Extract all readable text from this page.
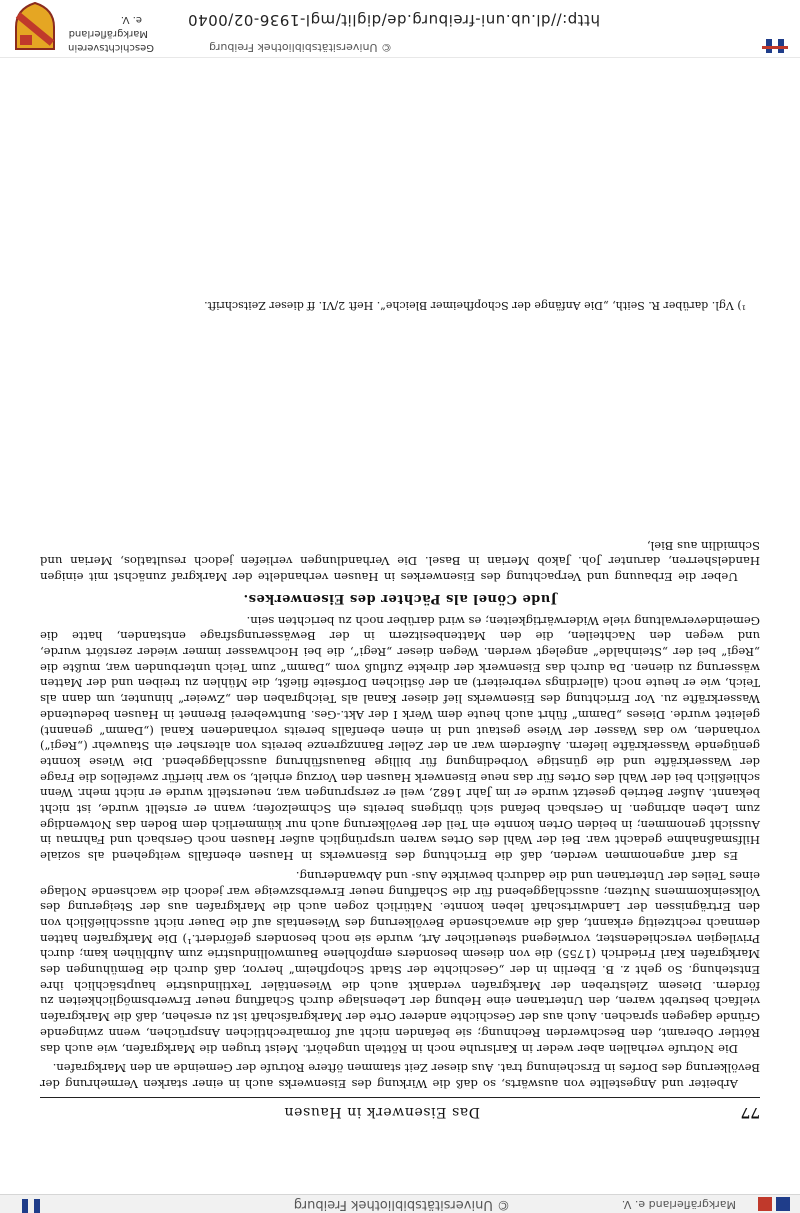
Markgräflerland e. V.
© Universitätsbibliothek Freiburg
77
Das Eisenwerk in Hausen

Arbeiter und Angestellte von auswärts, so daß die Wirkung des Eisenwerks auch in einer starken Vermehrung der Bevölkerung des Dorfes in Erscheinung trat. Aus dieser Zeit stammen öftere Rotrufe der Gemeinde an den Markgrafen.

Die Notrufe verhallen aber weder in Karlsruhe noch in Rötteln ungehört. Meist trugen die Markgrafen, wie auch das Röttler Oberamt, den Beschwerden Rechnung; sie befanden nicht auf formalrechtlichen Ansprüchen, wenn zwingende Gründe dagegen sprachen. Auch aus der Geschichte anderer Orte der Markgrafschaft ist zu ersehen, daß die Markgrafen vielfach bestrebt waren, den Untertanen eine Hebung der Lebenslage durch Schaffung neuer Erwerbsmöglichkeiten zu fördern. Diesem Zielstreben der Markgrafen verdankt auch die Wiesentäler Textilindustrie hauptsächlich ihre Entstehung. So geht z. B. Eberlin in der „Geschichte der Stadt Schopfheim“ hervor, daß durch die Bemühungen des Markgrafen Karl Friedrich (1755) die von diesem besonders empfohlene Baumwollindustrie zum Aufblühen kam; durch Privilegien verschiedenster, vorwiegend steuerlicher Art, wurde sie noch besonders gefördert.¹) Die Markgrafen hatten demnach rechtzeitig erkannt, daß die anwachsende Bevölkerung des Wiesentals auf die Dauer nicht ausschließlich von den Erträgnissen der Landwirtschaft leben konnte. Natürlich zogen auch die Markgrafen aus der Steigerung des Volkseinkommens Nutzen; ausschlaggebend für die Schaffung neuer Erwerbszweige war jedoch die wachsende Notlage eines Teiles der Untertanen und die dadurch bewirkte Aus- und Abwanderung.

Es darf angenommen werden, daß die Errichtung des Eisenwerks in Hausen ebenfalls weitgehend als soziale Hilfsmaßnahme gedacht war. Bei der Wahl des Ortes waren ursprünglich außer Hausen noch Gersbach und Fahrnau in Aussicht genommen; in beiden Orten konnte ein Teil der Bevölkerung auch nur kümmerlich dem Boden das Notwendige zum Leben abringen. In Gersbach befand sich übrigens bereits ein Schmelzofen; wann er erstellt wurde, ist nicht bekannt. Außer Betrieb gesetzt wurde er im Jahr 1682, weil er zersprungen war, neuerstellt wurde er nicht mehr. Wenn schließlich bei der Wahl des Ortes für das neue Eisenwerk Hausen den Vorzug erhielt, so war hierfür zweifellos die Frage der Wasserkräfte und die günstige Vorbedingung für billige Bauausführung ausschlaggebend. Die Wiese konnte genügende Wasserkräfte liefern. Außerdem war an der Zeller Bannzgrenze bereits von altersher ein Stauwehr („Regi“) vorhanden, wo das Wasser der Wiese gestaut und in einen ebenfalls bereits vorhandenen Kanal („Damm“ genannt) geleitet wurde. Dieses „Damm“ führt auch heute dem Werk I der Akt.-Ges. Buntweberei Brennet in Hausen bedeutende Wasserkräfte zu. Vor Errichtung des Eisenwerks lief dieser Kanal als Teichgraben den „Zweier“ hinunter, um dann als Teich, wie er heute noch (allerdings verbreitert) an der östlichen Dorfseite fließt, die Mühlen zu treiben und der Matten wässerung zu dienen. Da durch das Eisenwerk der direkte Zufluß vom „Damm“ zum Teich unterbunden war, mußte die „Regi“ bei der „Steinhalde“ angelegt werden. Wegen dieser „Regi“, die bei Hochwasser immer wieder zerstört wurde, und wegen den Nachteilen, die den Mattenbesitzern in der Bewässerungsfrage entstanden, hatte die Gemeindeverwaltung viele Widerwärtigkeiten; es wird darüber noch zu berichten sein.

Jude Cönel als Pächter des Eisenwerkes.

Ueber die Erbauung und Verpachtung des Eisenwerkes in Hausen verhandelte der Markgraf zunächst mit einigen Handelsherren, darunter Joh. Jakob Merian in Basel. Die Verhandlungen verliefen jedoch resultatlos, Merian und Schmidlin aus Biel,

¹) Vgl. darüber R. Seith, „Die Anfänge der Schopfheimer Bleiche“. Heft 2/VI. ff dieser Zeitschrift.

© Universitätsbibliothek Freiburg
http://dl.ub.uni-freiburg.de/diglit/mgl-1936-02/0040
Geschichtsverein
Markgräflerland
e. V.
